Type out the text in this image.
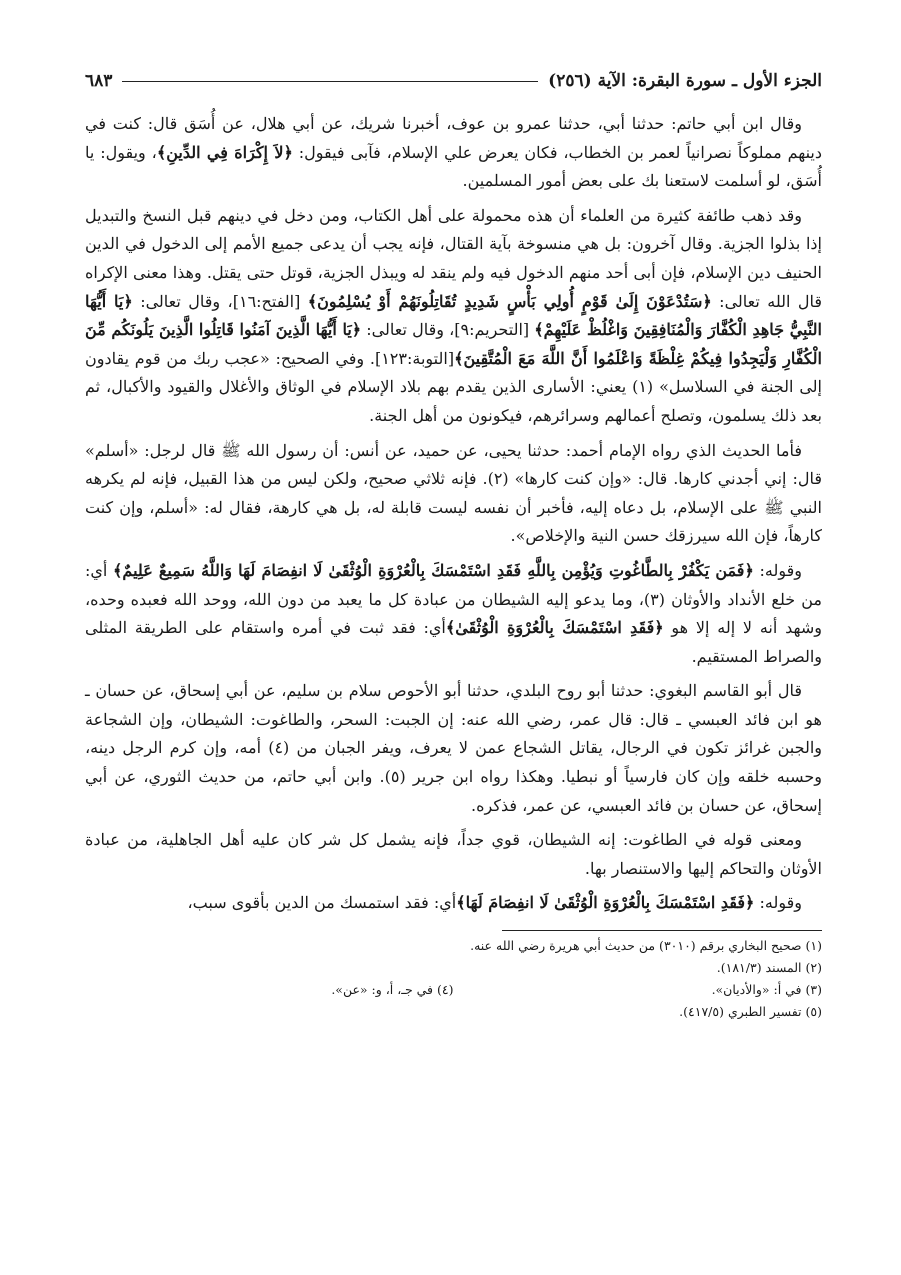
الجزء الأول ـ سورة البقرة: الآية (٢٥٦)
٦٨٣

وقال ابن أبي حاتم: حدثنا أبي، حدثنا عمرو بن عوف، أخبرنا شريك، عن أبي هلال، عن أُسَق قال: كنت في دينهم مملوكاً نصرانياً لعمر بن الخطاب، فكان يعرض علي الإسلام، فآبى فيقول: ﴿لاَ إِكْرَاهَ فِي الدِّينِ﴾، ويقول: يا أُسَق، لو أسلمت لاستعنا بك على بعض أمور المسلمين.

وقد ذهب طائفة كثيرة من العلماء أن هذه محمولة على أهل الكتاب، ومن دخل في دينهم قبل النسخ والتبديل إذا بذلوا الجزية. وقال آخرون: بل هي منسوخة بآية القتال، فإنه يجب أن يدعى جميع الأمم إلى الدخول في الدين الحنيف دين الإسلام، فإن أبى أحد منهم الدخول فيه ولم ينقد له ويبذل الجزية، قوتل حتى يقتل. وهذا معنى الإكراه قال الله تعالى: ﴿سَتُدْعَوْنَ إِلَىٰ قَوْمٍ أُولِي بَأْسٍ شَدِيدٍ تُقَاتِلُونَهُمْ أَوْ يُسْلِمُونَ﴾ [الفتح:١٦]، وقال تعالى: ﴿يَا أَيُّهَا النَّبِيُّ جَاهِدِ الْكُفَّارَ وَالْمُنَافِقِينَ وَاغْلُظْ عَلَيْهِمْ﴾ [التحريم:٩]، وقال تعالى: ﴿يَا أَيُّهَا الَّذِينَ آمَنُوا قَاتِلُوا الَّذِينَ يَلُونَكُم مِّنَ الْكُفَّارِ وَلْيَجِدُوا فِيكُمْ غِلْظَةً وَاعْلَمُوا أَنَّ اللَّهَ مَعَ الْمُتَّقِينَ﴾[التوبة:١٢٣]. وفي الصحيح: «عجب ربك من قوم يقادون إلى الجنة في السلاسل» (١) يعني: الأسارى الذين يقدم بهم بلاد الإسلام في الوثاق والأغلال والقيود والأكبال، ثم بعد ذلك يسلمون، وتصلح أعمالهم وسرائرهم، فيكونون من أهل الجنة.

فأما الحديث الذي رواه الإمام أحمد: حدثنا يحيى، عن حميد، عن أنس: أن رسول الله ﷺ قال لرجل: «أسلم» قال: إني أجدني كارها. قال: «وإن كنت كارها» (٢). فإنه ثلاثي صحيح، ولكن ليس من هذا القبيل، فإنه لم يكرهه النبي ﷺ على الإسلام، بل دعاه إليه، فأخبر أن نفسه ليست قابلة له، بل هي كارهة، فقال له: «أسلم، وإن كنت كارهاً، فإن الله سيرزقك حسن النية والإخلاص».

وقوله: ﴿فَمَن يَكْفُرْ بِالطَّاغُوتِ وَيُؤْمِن بِاللَّهِ فَقَدِ اسْتَمْسَكَ بِالْعُرْوَةِ الْوُثْقَىٰ لَا انفِصَامَ لَهَا وَاللَّهُ سَمِيعٌ عَلِيمٌ﴾ أي: من خلع الأنداد والأوثان (٣)، وما يدعو إليه الشيطان من عبادة كل ما يعبد من دون الله، ووحد الله فعبده وحده، وشهد أنه لا إله إلا هو ﴿فَقَدِ اسْتَمْسَكَ بِالْعُرْوَةِ الْوُثْقَىٰ﴾أي: فقد ثبت في أمره واستقام على الطريقة المثلى والصراط المستقيم.

قال أبو القاسم البغوي: حدثنا أبو روح البلدي، حدثنا أبو الأحوص سلام بن سليم، عن أبي إسحاق، عن حسان ـ هو ابن فائد العبسي ـ قال: قال عمر، رضي الله عنه: إن الجبت: السحر، والطاغوت: الشيطان، وإن الشجاعة والجبن غرائز تكون في الرجال، يقاتل الشجاع عمن لا يعرف، ويفر الجبان من (٤) أمه، وإن كرم الرجل دينه، وحسبه خلقه وإن كان فارسياً أو نبطيا. وهكذا رواه ابن جرير (٥). وابن أبي حاتم، من حديث الثوري، عن أبي إسحاق، عن حسان بن فائد العبسي، عن عمر، فذكره.

ومعنى قوله في الطاغوت: إنه الشيطان، قوي جداً، فإنه يشمل كل شر كان عليه أهل الجاهلية، من عبادة الأوثان والتحاكم إليها والاستنصار بها.

وقوله: ﴿فَقَدِ اسْتَمْسَكَ بِالْعُرْوَةِ الْوُثْقَىٰ لَا انفِصَامَ لَهَا﴾أي: فقد استمسك من الدين بأقوى سبب،

(١) صحيح البخاري برقم (٣٠١٠) من حديث أبي هريرة رضي الله عنه.
(٢) المسند (١٨١/٣).
(٣) في أ: «والأديان».
(٤) في جـ، أ، و: «عن».
(٥) تفسير الطبري (٤١٧/٥).
